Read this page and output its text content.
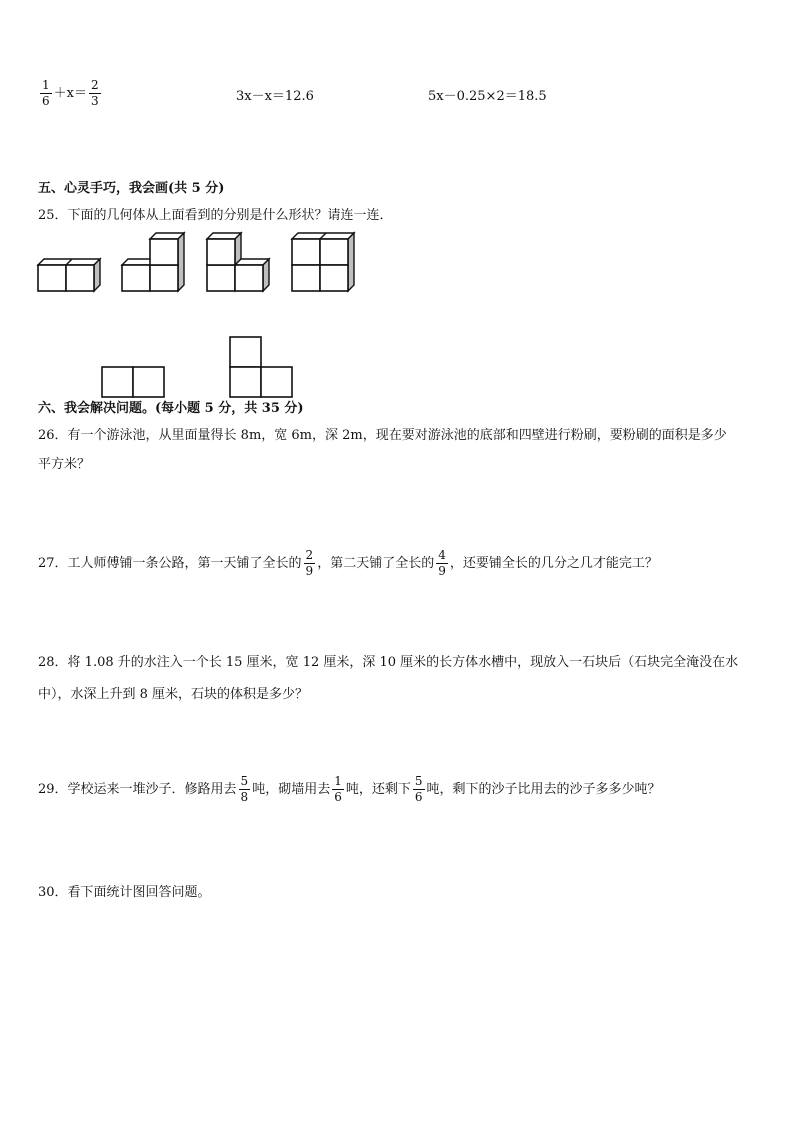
$\frac{1}{6} +x= \frac{2}{3}$	3x－x＝12.6	5x－0.25×2＝18.5
五、心灵手巧，我会画(共 5 分)
25．下面的几何体从上面看到的分别是什么形状？请连一连．
六、我会解决问题。(每小题 5 分，共 35 分)
26．有一个游泳池，从里面量得长 8m，宽 6m，深 2m，现在要对游泳池的底部和四壁进行粉刷，要粉刷的面积是多少
平方米？
27．工人师傅铺一条公路，第一天铺了全长的 $\frac{2}{9}$ ，第二天铺了全长的 $\frac{4}{9}$ ，还要铺全长的几分之几才能完工？
28．将 1.08 升的水注入一个长 15 厘米，宽 12 厘米，深 10 厘米的长方体水槽中，现放入一石块后（石块完全淹没在水
中），水深上升到 8 厘米，石块的体积是多少？
29．学校运来一堆沙子．修路用去 $\frac{5}{8}$ 吨，砌墙用去 $\frac{1}{6}$ 吨，还剩下 $\frac{5}{6}$ 吨，剩下的沙子比用去的沙子多多少吨？
30．看下面统计图回答问题。
